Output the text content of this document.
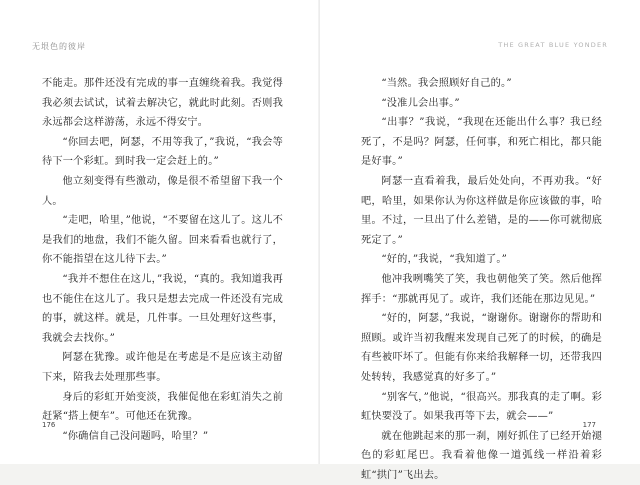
无垠色的彼岸

不能走。那件还没有完成的事一直缠绕着我。我觉得我必须去试试，试着去解决它，就此时此刻。否则我永远都会这样游荡，永远不得安宁。

“你回去吧，阿瑟，不用等我了，”我说，“我会等待下一个彩虹。到时我一定会赶上的。”

他立刻变得有些激动，像是很不希望留下我一个人。

“走吧，哈里，”他说，“不要留在这儿了。这儿不是我们的地盘，我们不能久留。回来看看也就行了，你不能指望在这儿待下去。”

“我并不想住在这儿，”我说，“真的。我知道我再也不能住在这儿了。我只是想去完成一件还没有完成的事，就这样。就是，几件事。一旦处理好这些事，我就会去找你。”

阿瑟在犹豫。或许他是在考虑是不是应该主动留下来，陪我去处理那些事。

身后的彩虹开始变淡，我催促他在彩虹消失之前赶紧“搭上便车”。可他还在犹豫。

“你确信自己没问题吗，哈里？”

176
THE GREAT BLUE YONDER

“当然。我会照顾好自己的。”

“没准儿会出事。”

“出事？”我说，“我现在还能出什么事？我已经死了，不是吗？阿瑟，任何事，和死亡相比，都只能是好事。”

阿瑟一直看着我，最后处处向，不再劝我。“好吧，哈里，如果你认为你这样做是你应该做的事，哈里。不过，一旦出了什么差错，是的——你可就彻底死定了。”

“好的，”我说，“我知道了。”

他冲我咧嘴笑了笑，我也朝他笑了笑。然后他挥挥手：“那就再见了。或许，我们还能在那边见见。”

“好的，阿瑟，”我说，“谢谢你。谢谢你的帮助和照顾。或许当初我醒来发现自己死了的时候，的确是有些被吓坏了。但能有你来给我解释一切，还带我四处转转，我感觉真的好多了。”

“别客气，”他说，“很高兴。那我真的走了啊。彩虹快要没了。如果我再等下去，就会——”

就在他跳起来的那一刹，刚好抓住了已经开始褪色的彩虹尾巴。我看着他像一道弧线一样沿着彩虹“拱门”飞出去。

177
